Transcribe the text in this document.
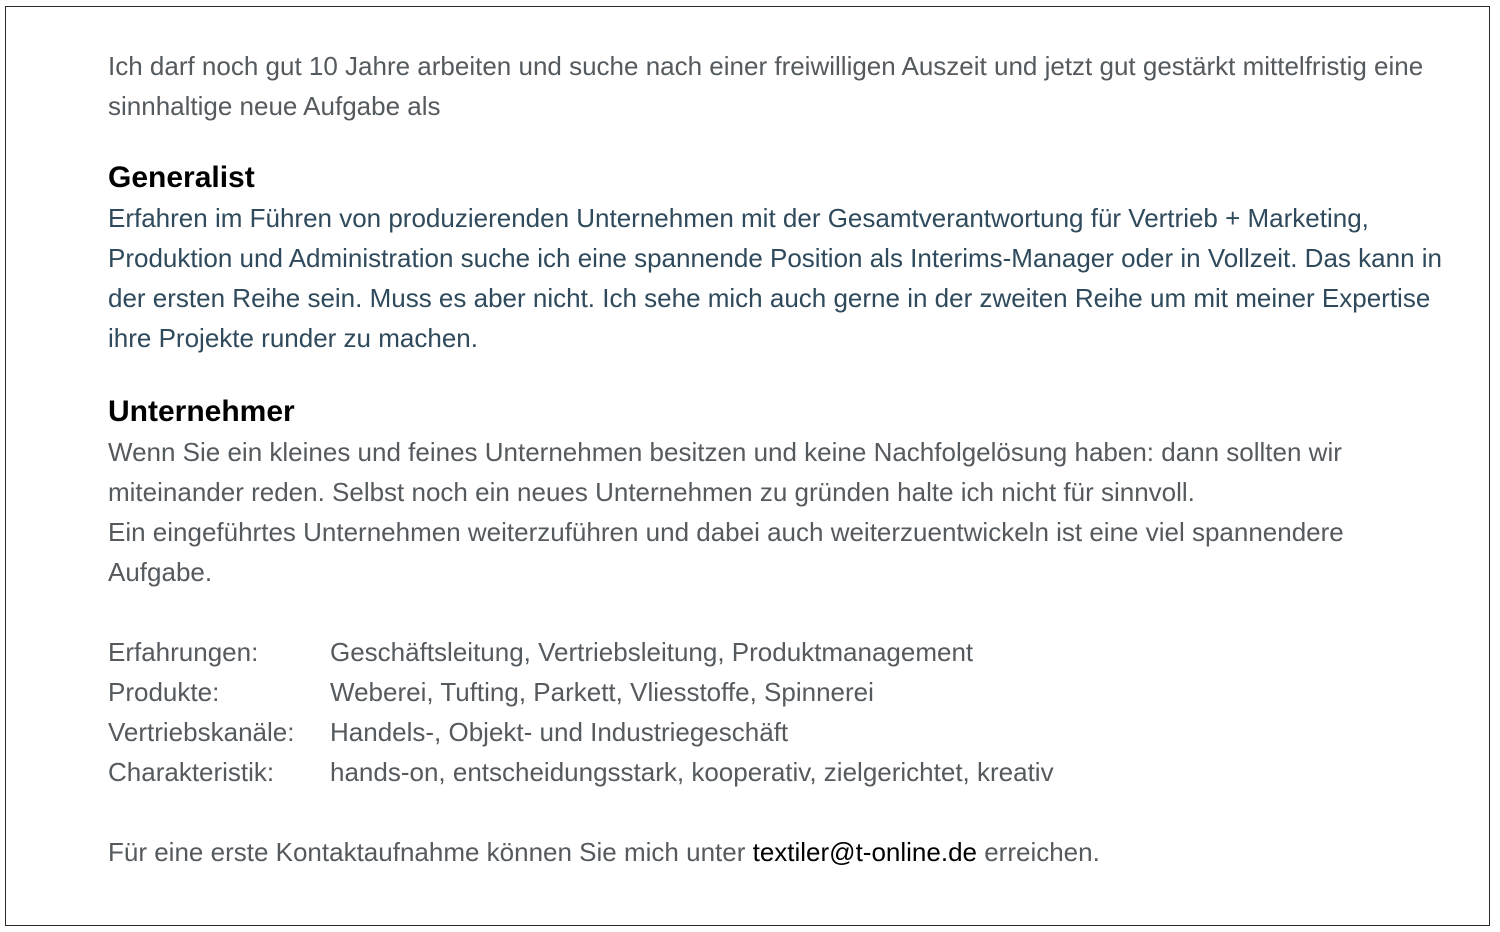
Ich darf noch gut 10 Jahre arbeiten und suche nach einer freiwilligen Auszeit und jetzt gut gestärkt mittelfristig eine sinnhaltige neue Aufgabe als

Generalist

Erfahren im Führen von produzierenden Unternehmen mit der Gesamtverantwortung für Vertrieb + Marketing, Produktion und Administration suche ich eine spannende Position als Interims-Manager oder in Vollzeit. Das kann in der ersten Reihe sein. Muss es aber nicht. Ich sehe mich auch gerne in der zweiten Reihe um mit meiner Expertise ihre Projekte runder zu machen.

Unternehmer

Wenn Sie ein kleines und feines Unternehmen besitzen und keine Nachfolgelösung haben: dann sollten wir miteinander reden. Selbst noch ein neues Unternehmen zu gründen halte ich nicht für sinnvoll.

Ein eingeführtes Unternehmen weiterzuführen und dabei auch weiterzuentwickeln ist eine viel spannendere Aufgabe.

Erfahrungen:	Geschäftsleitung, Vertriebsleitung, Produktmanagement
Produkte:	Weberei, Tufting, Parkett, Vliesstoffe, Spinnerei
Vertriebskanäle:	Handels-, Objekt- und Industriegeschäft
Charakteristik:	hands-on, entscheidungsstark, kooperativ, zielgerichtet, kreativ

Für eine erste Kontaktaufnahme können Sie mich unter textiler@t-online.de erreichen.
